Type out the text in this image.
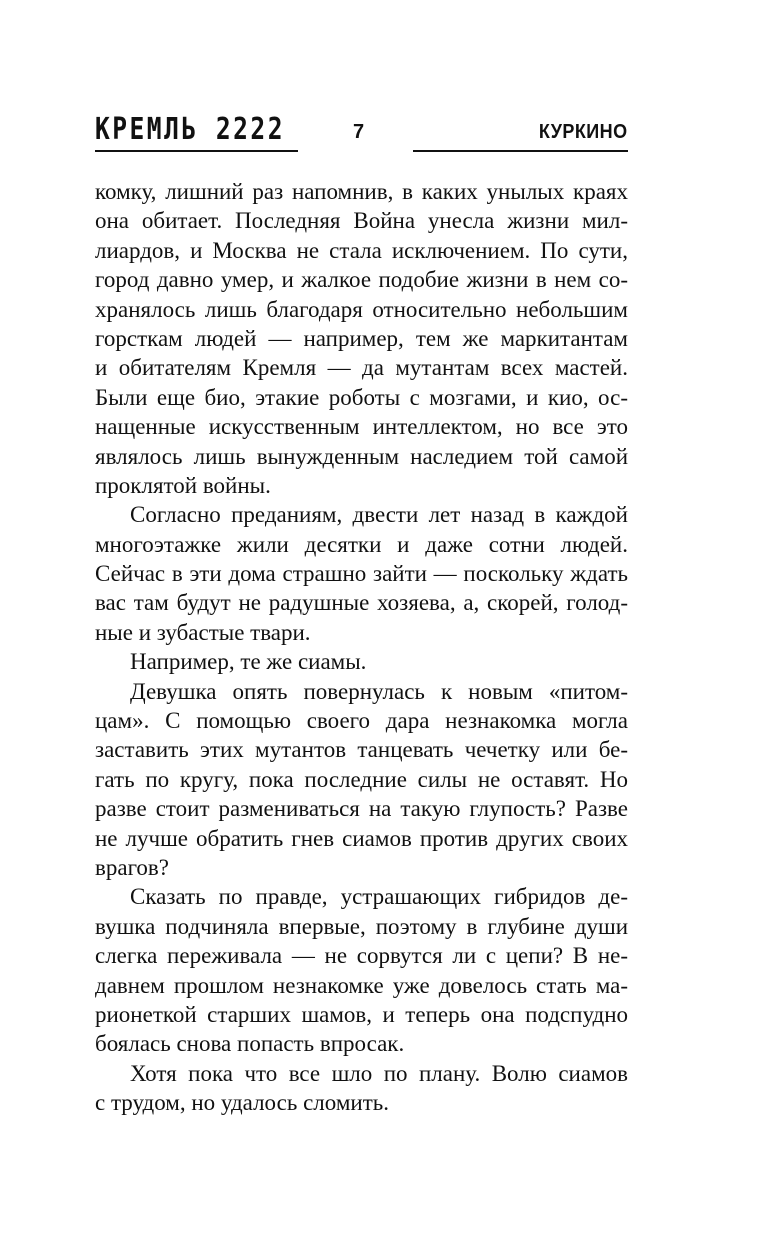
КРЕМЛЬ 2222	7	КУРКИНО
комку, лишний раз напомнив, в каких унылых краях
она обитает. Последняя Война унесла жизни мил-
лиардов, и Москва не стала исключением. По сути,
город давно умер, и жалкое подобие жизни в нем со-
хранялось лишь благодаря относительно небольшим
горсткам людей — например, тем же маркитантам
и обитателям Кремля — да мутантам всех мастей.
Были еще био, этакие роботы с мозгами, и кио, ос-
нащенные искусственным интеллектом, но все это
являлось лишь вынужденным наследием той самой
проклятой войны.
Согласно преданиям, двести лет назад в каждой
многоэтажке жили десятки и даже сотни людей.
Сейчас в эти дома страшно зайти — поскольку ждать
вас там будут не радушные хозяева, а, скорей, голод-
ные и зубастые твари.
Например, те же сиамы.
Девушка опять повернулась к новым «питом-
цам». С помощью своего дара незнакомка могла
заставить этих мутантов танцевать чечетку или бе-
гать по кругу, пока последние силы не оставят. Но
разве стоит размениваться на такую глупость? Разве
не лучше обратить гнев сиамов против других своих
врагов?
Сказать по правде, устрашающих гибридов де-
вушка подчиняла впервые, поэтому в глубине души
слегка переживала — не сорвутся ли с цепи? В не-
давнем прошлом незнакомке уже довелось стать ма-
рионеткой старших шамов, и теперь она подспудно
боялась снова попасть впросак.
Хотя пока что все шло по плану. Волю сиамов
с трудом, но удалось сломить.
